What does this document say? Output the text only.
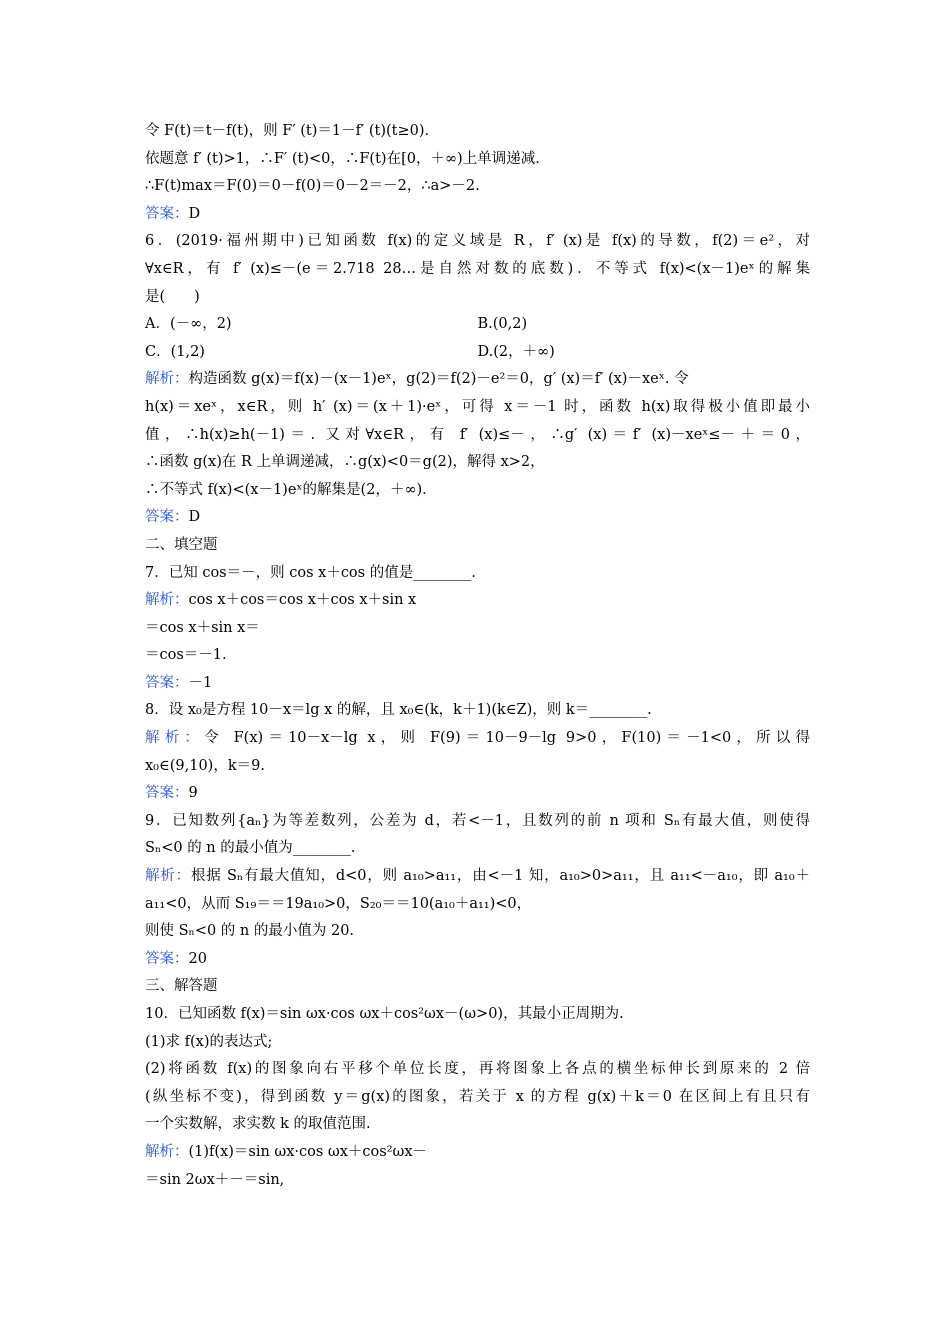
令 F(t)＝t－f(t)，则 F′ (t)＝1－f′ (t)(t≥0)．
依题意 f′ (t)>1，∴F′ (t)<0，∴F(t)在[0，＋∞)上单调递减．
∴F(t)max＝F(0)＝0－f(0)＝0－2＝－2，∴a>－2.
答案：D
6．(2019·福州期中)已知函数 f(x)的定义域是 R，f′ (x)是 f(x)的导数，f(2)＝e²，对
∀x∈R，有 f′ (x)≤－(e＝2.718 28…是自然对数的底数)．不等式 f(x)<(x－1)eˣ的解集
是(　　)
A．(－∞，2)	B.(0,2)
C．(1,2)	D.(2，＋∞)
解析：构造函数 g(x)＝f(x)－(x－1)eˣ，g(2)＝f(2)－e²＝0，g′ (x)＝f′ (x)－xeˣ. 令
h(x)＝xeˣ，x∈R，则 h′ (x)＝(x＋1)·eˣ，可得 x＝－1 时，函数 h(x)取得极小值即最小
值，∴h(x)≥h(－1)＝. 又对∀x∈R，有 f′ (x)≤－，∴g′ (x)＝f′ (x)－xeˣ≤－＋＝0，
∴函数 g(x)在 R 上单调递减，∴g(x)<0＝g(2)，解得 x>2，
∴不等式 f(x)<(x－1)eˣ的解集是(2，＋∞)．
答案：D
二、填空题
7．已知 cos＝－，则 cos x＋cos 的值是________.
解析：cos x＋cos＝cos x＋cos x＋sin x
＝cos x＋sin x＝
＝cos＝－1.
答案：－1
8．设 x₀是方程 10－x＝lg x 的解，且 x₀∈(k，k＋1)(k∈Z)，则 k＝________.
解析：令 F(x)＝10－x－lg x，则 F(9)＝10－9－lg 9>0，F(10)＝－1<0，所以得
x₀∈(9,10)，k＝9.
答案：9
9．已知数列{aₙ}为等差数列，公差为 d，若<－1，且数列的前 n 项和 Sₙ有最大值，则使得
Sₙ<0 的 n 的最小值为________.
解析：根据 Sₙ有最大值知，d<0，则 a₁₀>a₁₁，由<－1 知，a₁₀>0>a₁₁，且 a₁₁<－a₁₀，即 a₁₀＋
a₁₁<0，从而 S₁₉＝＝19a₁₀>0，S₂₀＝＝10(a₁₀＋a₁₁)<0，
则使 Sₙ<0 的 n 的最小值为 20.
答案：20
三、解答题
10．已知函数 f(x)＝sin ωx·cos ωx＋cos²ωx－(ω>0)，其最小正周期为.
(1)求 f(x)的表达式;
(2)将函数 f(x)的图象向右平移个单位长度，再将图象上各点的横坐标伸长到原来的 2 倍
(纵坐标不变)，得到函数 y＝g(x)的图象，若关于 x 的方程 g(x)＋k＝0 在区间上有且只有
一个实数解，求实数 k 的取值范围.
解析：(1)f(x)＝sin ωx·cos ωx＋cos²ωx－
＝sin 2ωx＋－＝sin,
